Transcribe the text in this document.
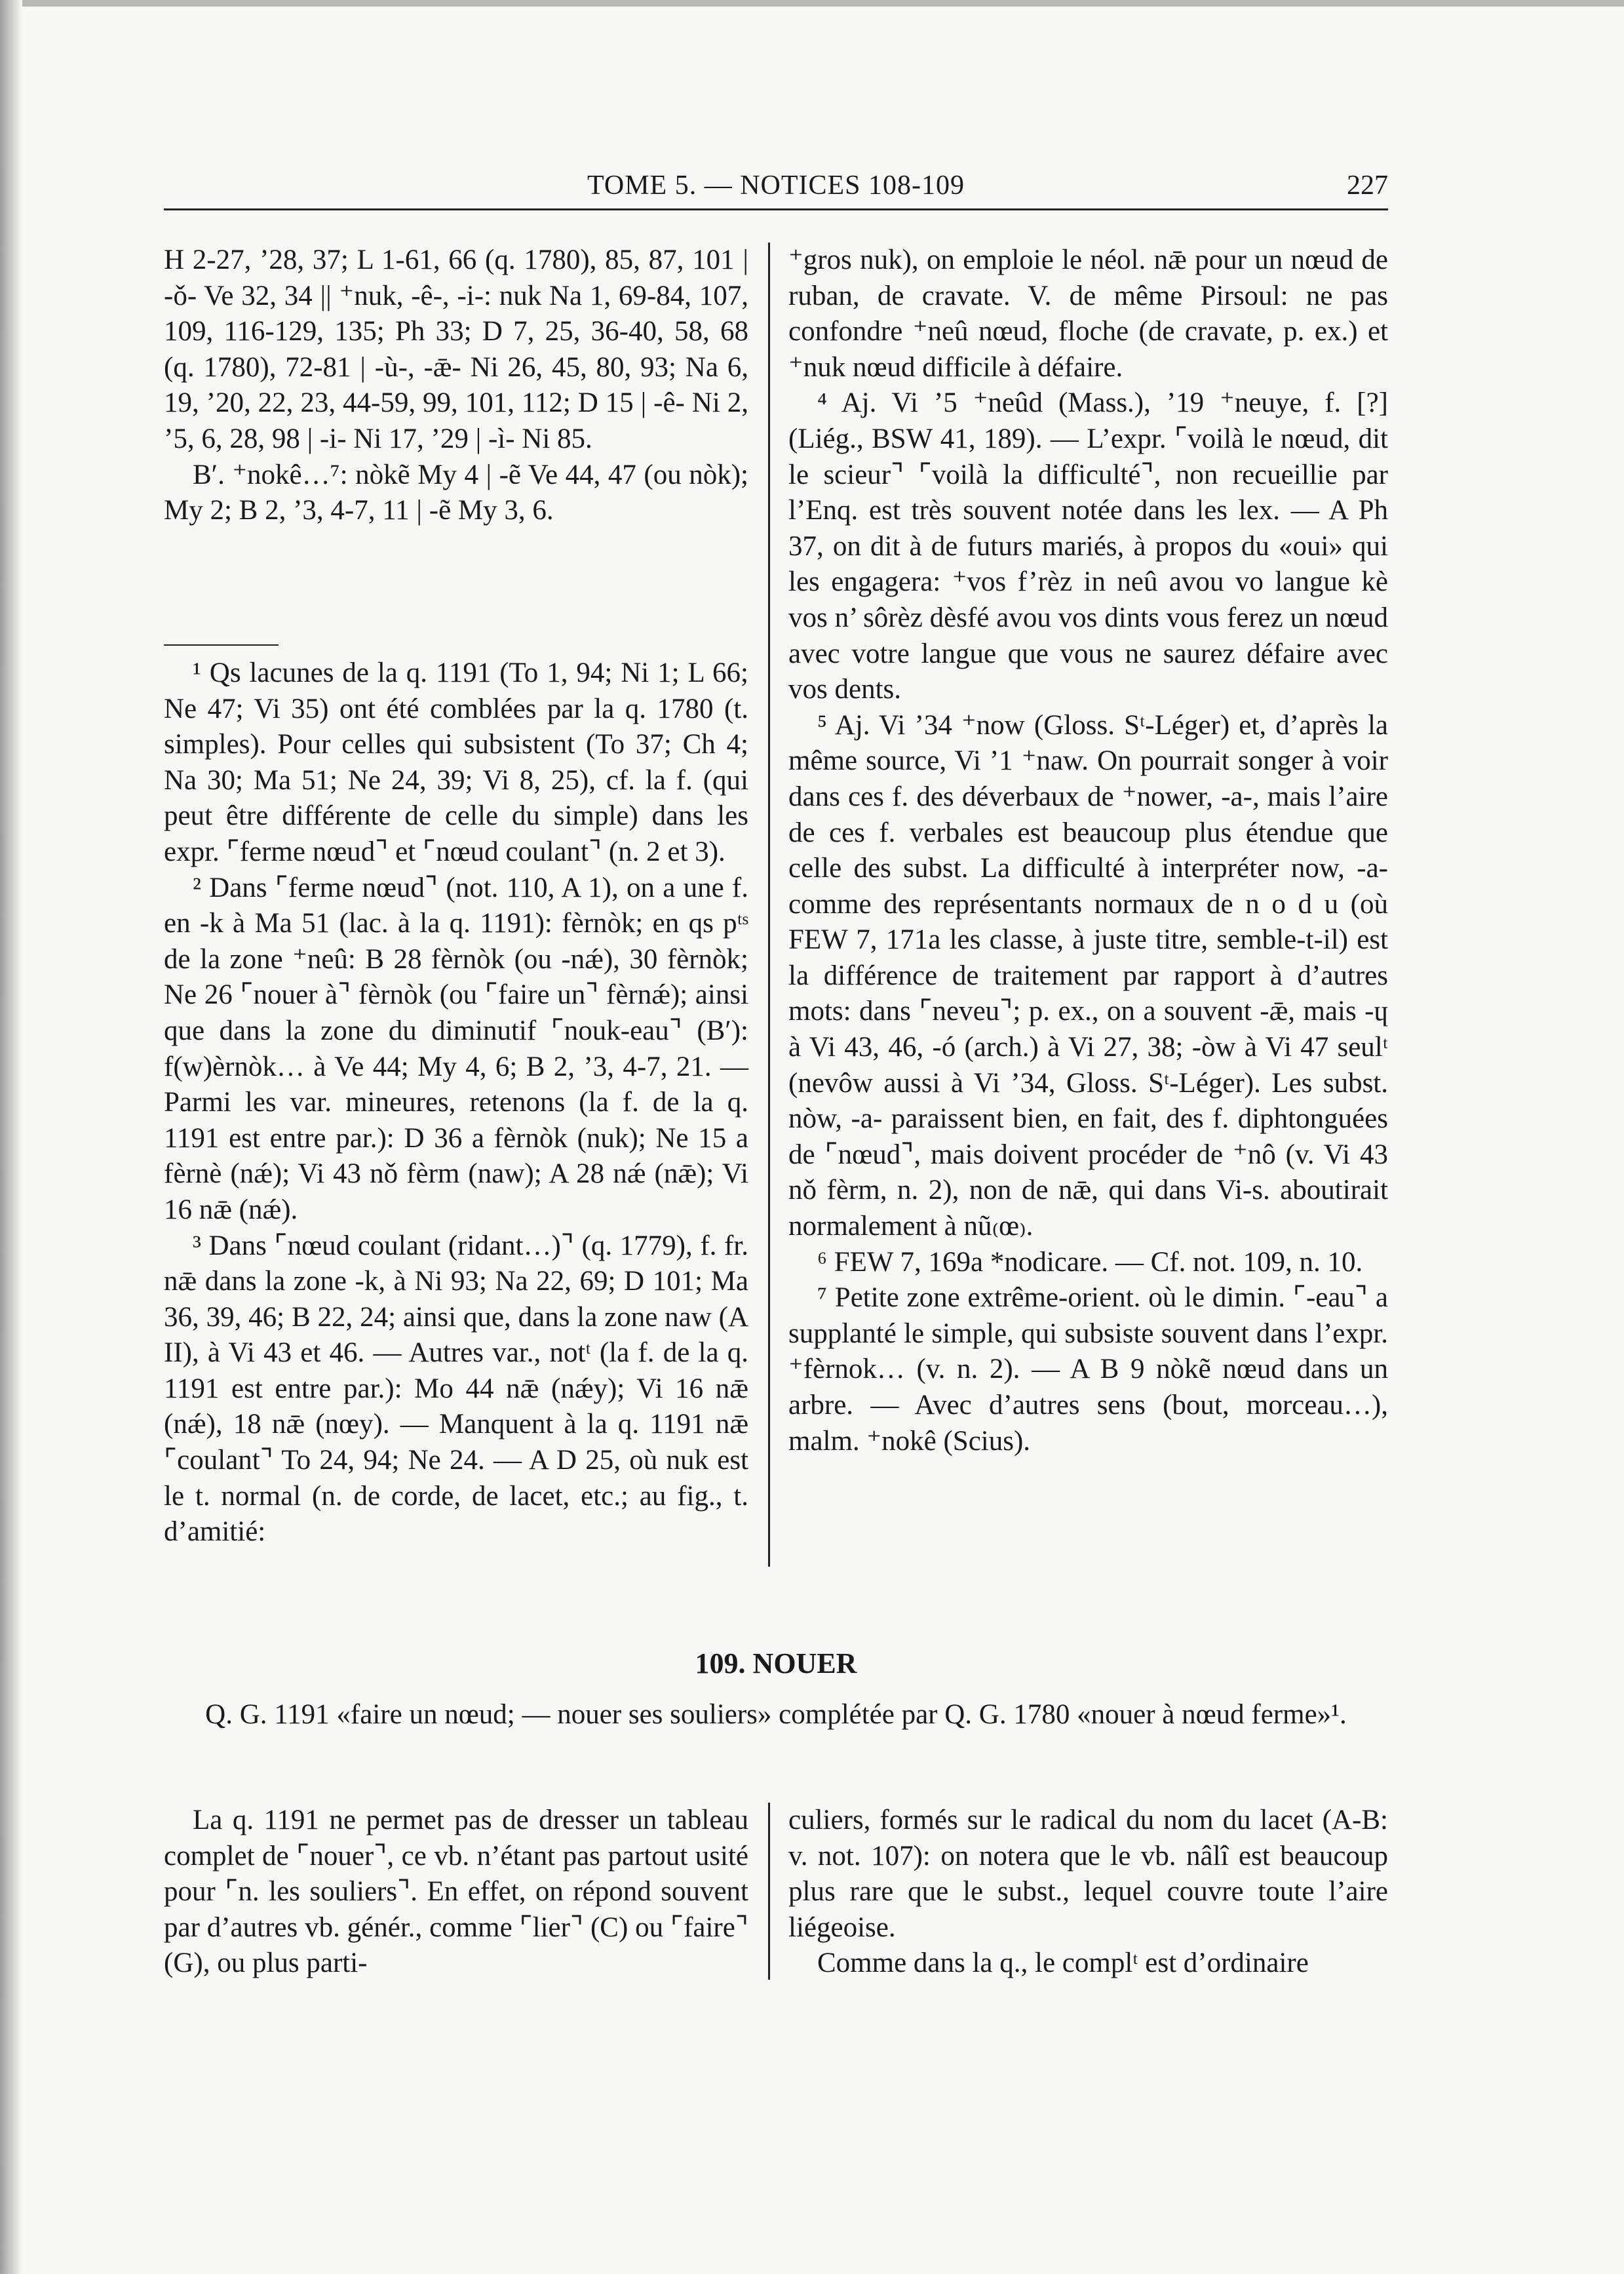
TOME 5. — NOTICES 108-109	227

H 2-27, ’28, 37; L 1-61, 66 (q. 1780), 85, 87, 101 | -ǒ- Ve 32, 34 || ⁺nuk, -ê-, -i-: nuk Na 1, 69-84, 107, 109, 116-129, 135; Ph 33; D 7, 25, 36-40, 58, 68 (q. 1780), 72-81 | -ù-, -ǣ- Ni 26, 45, 80, 93; Na 6, 19, ’20, 22, 23, 44-59, 99, 101, 112; D 15 | -ê- Ni 2, ’5, 6, 28, 98 | -i- Ni 17, ’29 | -ì- Ni 85.

B′. ⁺nokê…⁷: nòkẽ My 4 | -ẽ Ve 44, 47 (ou nòk); My 2; B 2, ’3, 4-7, 11 | -ẽ My 3, 6.

¹ Qs lacunes de la q. 1191 (To 1, 94; Ni 1; L 66; Ne 47; Vi 35) ont été comblées par la q. 1780 (t. simples). Pour celles qui subsistent (To 37; Ch 4; Na 30; Ma 51; Ne 24, 39; Vi 8, 25), cf. la f. (qui peut être différente de celle du simple) dans les expr. ⌜ferme nœud⌝ et ⌜nœud coulant⌝ (n. 2 et 3).

² Dans ⌜ferme nœud⌝ (not. 110, A 1), on a une f. en -k à Ma 51 (lac. à la q. 1191): fèrnòk; en qs pᵗˢ de la zone ⁺neû: B 28 fèrnòk (ou -nǽ), 30 fèrnòk; Ne 26 ⌜nouer à⌝ fèrnòk (ou ⌜faire un⌝ fèrnǽ); ainsi que dans la zone du diminutif ⌜nouk-eau⌝ (B′): f(w)èrnòk… à Ve 44; My 4, 6; B 2, ’3, 4-7, 21. — Parmi les var. mineures, retenons (la f. de la q. 1191 est entre par.): D 36 a fèrnòk (nuk); Ne 15 a fèrnè (nǽ); Vi 43 nǒ fèrm (naw); A 28 nǽ (nǣ); Vi 16 nǣ (nǽ).

³ Dans ⌜nœud coulant (ridant…)⌝ (q. 1779), f. fr. nǣ dans la zone -k, à Ni 93; Na 22, 69; D 101; Ma 36, 39, 46; B 22, 24; ainsi que, dans la zone naw (A II), à Vi 43 et 46. — Autres var., notᵗ (la f. de la q. 1191 est entre par.): Mo 44 nǣ (nǽy); Vi 16 nǣ (nǽ), 18 nǣ (nœy). — Manquent à la q. 1191 nǣ ⌜coulant⌝ To 24, 94; Ne 24. — A D 25, où nuk est le t. normal (n. de corde, de lacet, etc.; au fig., t. d’amitié:

⁺gros nuk), on emploie le néol. nǣ pour un nœud de ruban, de cravate. V. de même Pirsoul: ne pas confondre ⁺neû nœud, floche (de cravate, p. ex.) et ⁺nuk nœud difficile à défaire.

⁴ Aj. Vi ’5 ⁺neûd (Mass.), ’19 ⁺neuye, f. [?] (Liég., BSW 41, 189). — L’expr. ⌜voilà le nœud, dit le scieur⌝ ⌜voilà la difficulté⌝, non recueillie par l’Enq. est très souvent notée dans les lex. — A Ph 37, on dit à de futurs mariés, à propos du «oui» qui les engagera: ⁺vos f’rèz in neû avou vo langue kè vos n’ sôrèz dèsfé avou vos dints vous ferez un nœud avec votre langue que vous ne saurez défaire avec vos dents.

⁵ Aj. Vi ’34 ⁺now (Gloss. Sᵗ-Léger) et, d’après la même source, Vi ’1 ⁺naw. On pourrait songer à voir dans ces f. des déverbaux de ⁺nower, -a-, mais l’aire de ces f. verbales est beaucoup plus étendue que celle des subst. La difficulté à interpréter now, -a- comme des représentants normaux de n o d u (où FEW 7, 171a les classe, à juste titre, semble-t-il) est la différence de traitement par rapport à d’autres mots: dans ⌜neveu⌝; p. ex., on a souvent -ǣ, mais -ɥ à Vi 43, 46, -ó (arch.) à Vi 27, 38; -òw à Vi 47 seulᵗ (nevôw aussi à Vi ’34, Gloss. Sᵗ-Léger). Les subst. nòw, -a- paraissent bien, en fait, des f. diphtonguées de ⌜nœud⌝, mais doivent procéder de ⁺nô (v. Vi 43 nǒ fèrm, n. 2), non de nǣ, qui dans Vi-s. aboutirait normalement à nũ₍œ₎.

⁶ FEW 7, 169a *nodicare. — Cf. not. 109, n. 10.

⁷ Petite zone extrême-orient. où le dimin. ⌜-eau⌝ a supplanté le simple, qui subsiste souvent dans l’expr. ⁺fèrnok… (v. n. 2). — A B 9 nòkẽ nœud dans un arbre. — Avec d’autres sens (bout, morceau…), malm. ⁺nokê (Scius).

109. NOUER
Q. G. 1191 «faire un nœud; — nouer ses souliers» complétée par Q. G. 1780 «nouer à nœud ferme»¹.

La q. 1191 ne permet pas de dresser un tableau complet de ⌜nouer⌝, ce vb. n’étant pas partout usité pour ⌜n. les souliers⌝. En effet, on répond souvent par d’autres vb. génér., comme ⌜lier⌝ (C) ou ⌜faire⌝ (G), ou plus parti-

culiers, formés sur le radical du nom du lacet (A-B: v. not. 107): on notera que le vb. nâlî est beaucoup plus rare que le subst., lequel couvre toute l’aire liégeoise.

Comme dans la q., le complᵗ est d’ordinaire
